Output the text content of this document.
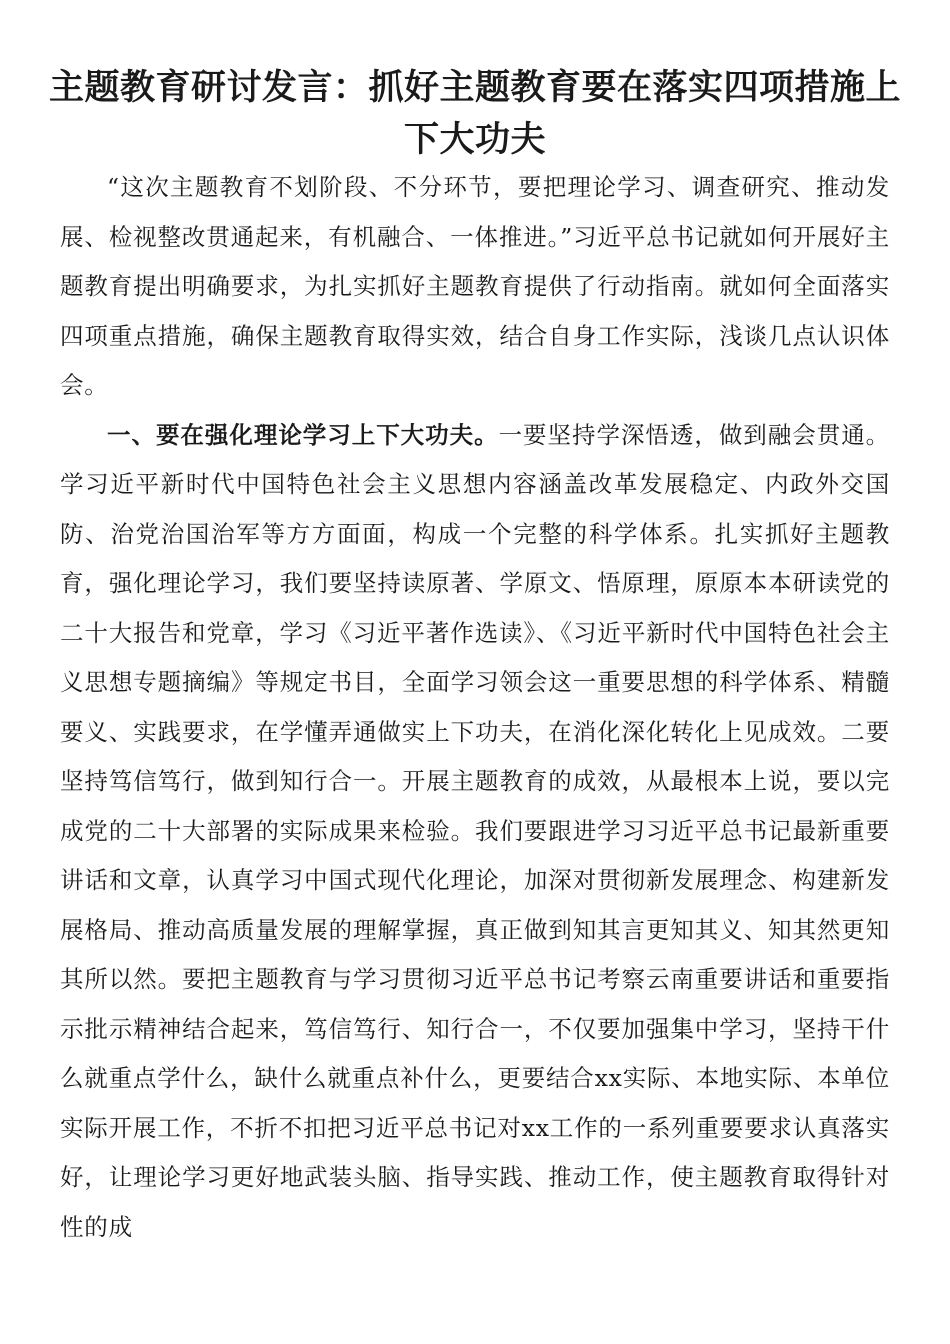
主题教育研讨发言：抓好主题教育要在落实四项措施上下大功夫

“这次主题教育不划阶段、不分环节，要把理论学习、调查研究、推动发展、检视整改贯通起来，有机融合、一体推进。”习近平总书记就如何开展好主题教育提出明确要求，为扎实抓好主题教育提供了行动指南。就如何全面落实四项重点措施，确保主题教育取得实效，结合自身工作实际，浅谈几点认识体会。

一、要在强化理论学习上下大功夫。一要坚持学深悟透，做到融会贯通。学习近平新时代中国特色社会主义思想内容涵盖改革发展稳定、内政外交国防、治党治国治军等方方面面，构成一个完整的科学体系。扎实抓好主题教育，强化理论学习，我们要坚持读原著、学原文、悟原理，原原本本研读党的二十大报告和党章，学习《习近平著作选读》、《习近平新时代中国特色社会主义思想专题摘编》等规定书目，全面学习领会这一重要思想的科学体系、精髓要义、实践要求，在学懂弄通做实上下功夫，在消化深化转化上见成效。二要坚持笃信笃行，做到知行合一。开展主题教育的成效，从最根本上说，要以完成党的二十大部署的实际成果来检验。我们要跟进学习习近平总书记最新重要讲话和文章，认真学习中国式现代化理论，加深对贯彻新发展理念、构建新发展格局、推动高质量发展的理解掌握，真正做到知其言更知其义、知其然更知其所以然。要把主题教育与学习贯彻习近平总书记考察云南重要讲话和重要指示批示精神结合起来，笃信笃行、知行合一，不仅要加强集中学习，坚持干什么就重点学什么，缺什么就重点补什么，更要结合xx实际、本地实际、本单位实际开展工作，不折不扣把习近平总书记对xx工作的一系列重要要求认真落实好，让理论学习更好地武装头脑、指导实践、推动工作，使主题教育取得针对性的成
